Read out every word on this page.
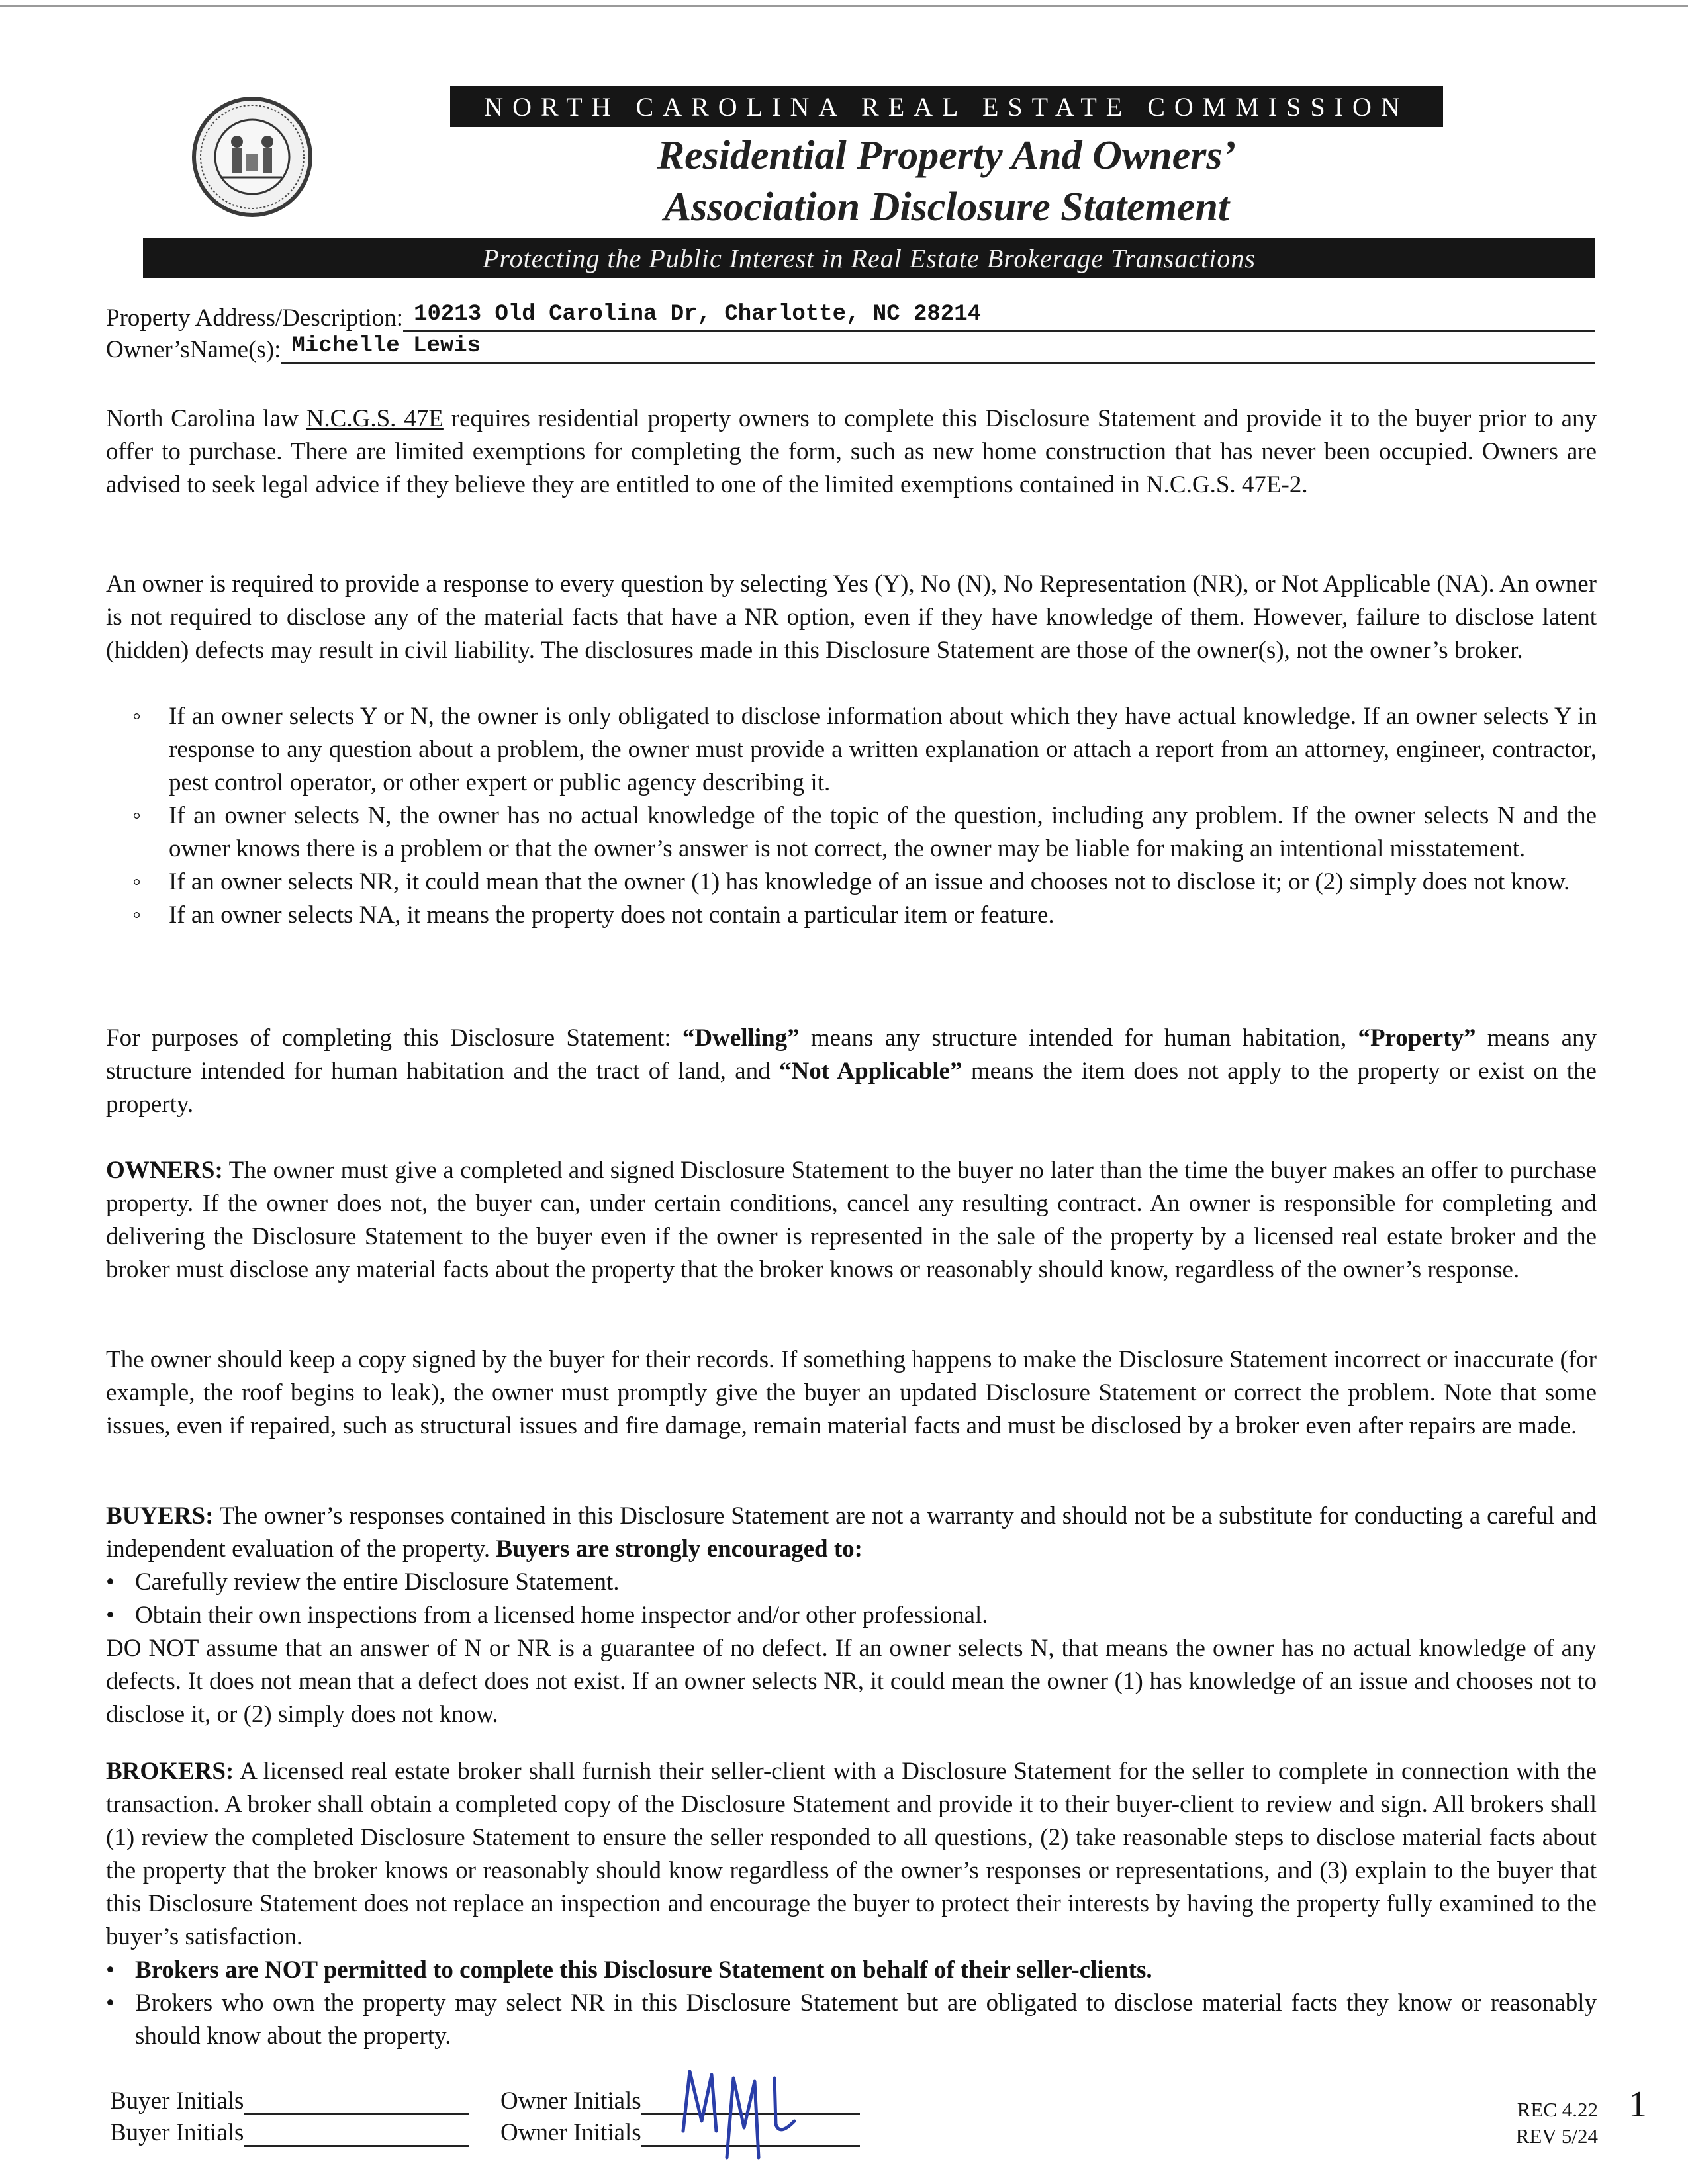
NORTH CAROLINA REAL ESTATE COMMISSION
Residential Property And Owners’
Association Disclosure Statement
Protecting the Public Interest in Real Estate Brokerage Transactions
Property Address/Description: 10213 Old Carolina Dr, Charlotte, NC 28214
Owner’sName(s): Michelle Lewis
North Carolina law N.C.G.S. 47E requires residential property owners to complete this Disclosure Statement and provide it to the buyer prior to any offer to purchase. There are limited exemptions for completing the form, such as new home construction that has never been occupied. Owners are advised to seek legal advice if they believe they are entitled to one of the limited exemptions contained in N.C.G.S. 47E-2.
An owner is required to provide a response to every question by selecting Yes (Y), No (N), No Representation (NR), or Not Applicable (NA). An owner is not required to disclose any of the material facts that have a NR option, even if they have knowledge of them. However, failure to disclose latent (hidden) defects may result in civil liability. The disclosures made in this Disclosure Statement are those of the owner(s), not the owner’s broker.
◦ If an owner selects Y or N, the owner is only obligated to disclose information about which they have actual knowledge. If an owner selects Y in response to any question about a problem, the owner must provide a written explanation or attach a report from an attorney, engineer, contractor, pest control operator, or other expert or public agency describing it.
◦ If an owner selects N, the owner has no actual knowledge of the topic of the question, including any problem. If the owner selects N and the owner knows there is a problem or that the owner’s answer is not correct, the owner may be liable for making an intentional misstatement.
◦ If an owner selects NR, it could mean that the owner (1) has knowledge of an issue and chooses not to disclose it; or (2) simply does not know.
◦ If an owner selects NA, it means the property does not contain a particular item or feature.
For purposes of completing this Disclosure Statement: “Dwelling” means any structure intended for human habitation, “Property” means any structure intended for human habitation and the tract of land, and “Not Applicable” means the item does not apply to the property or exist on the property.
OWNERS: The owner must give a completed and signed Disclosure Statement to the buyer no later than the time the buyer makes an offer to purchase property. If the owner does not, the buyer can, under certain conditions, cancel any resulting contract. An owner is responsible for completing and delivering the Disclosure Statement to the buyer even if the owner is represented in the sale of the property by a licensed real estate broker and the broker must disclose any material facts about the property that the broker knows or reasonably should know, regardless of the owner’s response.
The owner should keep a copy signed by the buyer for their records. If something happens to make the Disclosure Statement incorrect or inaccurate (for example, the roof begins to leak), the owner must promptly give the buyer an updated Disclosure Statement or correct the problem. Note that some issues, even if repaired, such as structural issues and fire damage, remain material facts and must be disclosed by a broker even after repairs are made.
BUYERS: The owner’s responses contained in this Disclosure Statement are not a warranty and should not be a substitute for conducting a careful and independent evaluation of the property. Buyers are strongly encouraged to:
• Carefully review the entire Disclosure Statement.
• Obtain their own inspections from a licensed home inspector and/or other professional.
DO NOT assume that an answer of N or NR is a guarantee of no defect. If an owner selects N, that means the owner has no actual knowledge of any defects. It does not mean that a defect does not exist. If an owner selects NR, it could mean the owner (1) has knowledge of an issue and chooses not to disclose it, or (2) simply does not know.
BROKERS: A licensed real estate broker shall furnish their seller-client with a Disclosure Statement for the seller to complete in connection with the transaction. A broker shall obtain a completed copy of the Disclosure Statement and provide it to their buyer-client to review and sign. All brokers shall (1) review the completed Disclosure Statement to ensure the seller responded to all questions, (2) take reasonable steps to disclose material facts about the property that the broker knows or reasonably should know regardless of the owner’s responses or representations, and (3) explain to the buyer that this Disclosure Statement does not replace an inspection and encourage the buyer to protect their interests by having the property fully examined to the buyer’s satisfaction.
• Brokers are NOT permitted to complete this Disclosure Statement on behalf of their seller-clients.
• Brokers who own the property may select NR in this Disclosure Statement but are obligated to disclose material facts they know or reasonably should know about the property.
Buyer Initials
Buyer Initials
Owner Initials
Owner Initials
REC 4.22
REV 5/24
1
